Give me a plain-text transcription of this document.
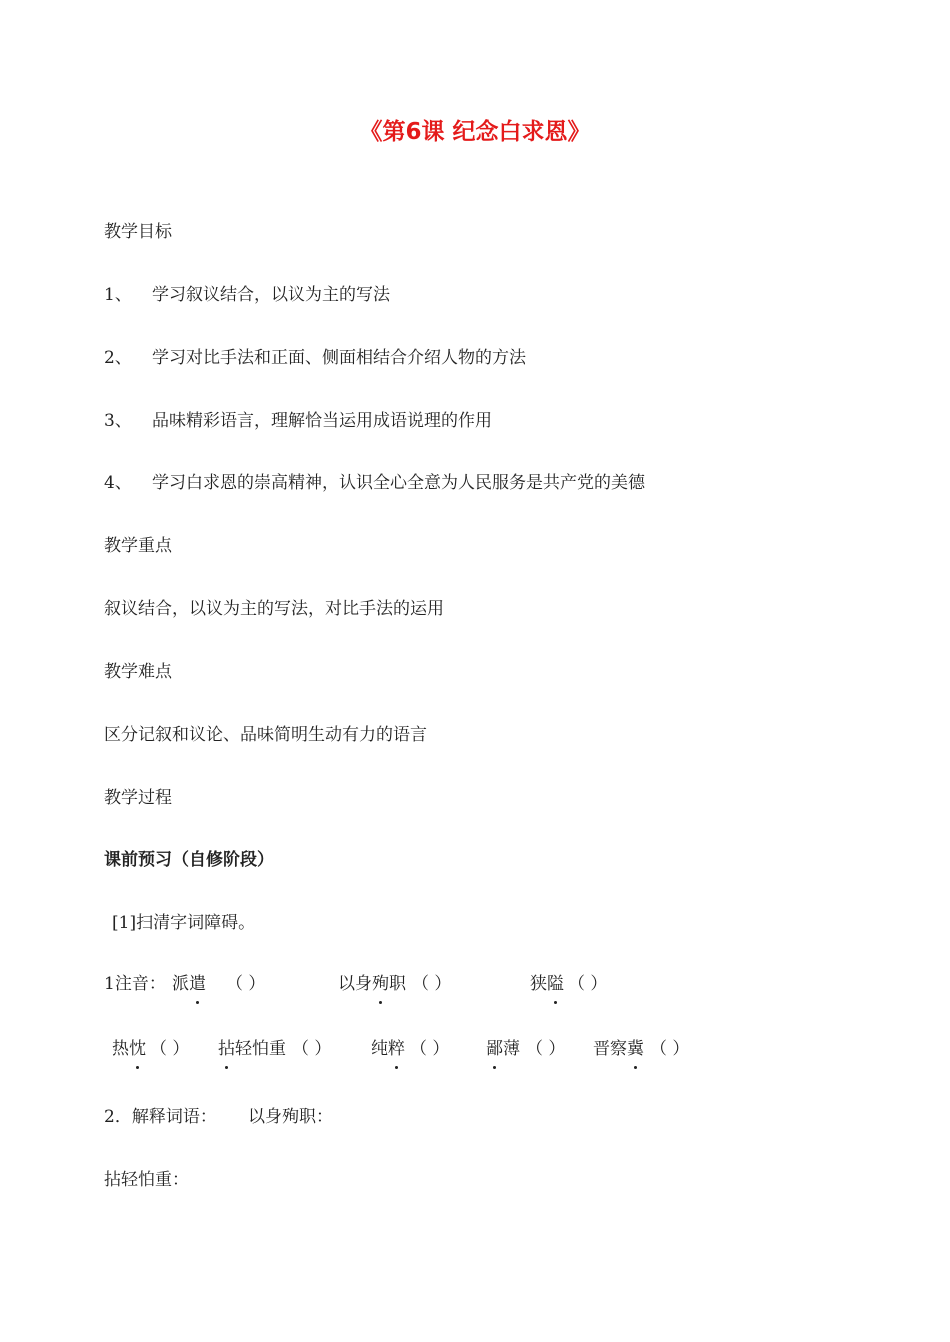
《第6课 纪念白求恩》
教学目标
1、 学习叙议结合，以议为主的写法
2、 学习对比手法和正面、侧面相结合介绍人物的方法
3、 品味精彩语言，理解恰当运用成语说理的作用
4、 学习白求恩的崇高精神，认识全心全意为人民服务是共产党的美德
教学重点
叙议结合，以议为主的写法，对比手法的运用
教学难点
区分记叙和议论、品味简明生动有力的语言
教学过程
课前预习（自修阶段）
[1]扫清字词障碍。
1注音： 派遣 （ ）	以身殉职 （ ）	狭隘 （ ）
热忱 （ ） 拈轻怕重 （ ） 纯粹 （ ） 鄙薄 （ ） 晋察冀 （ ）
2．解释词语： 以身殉职：
拈轻怕重：
